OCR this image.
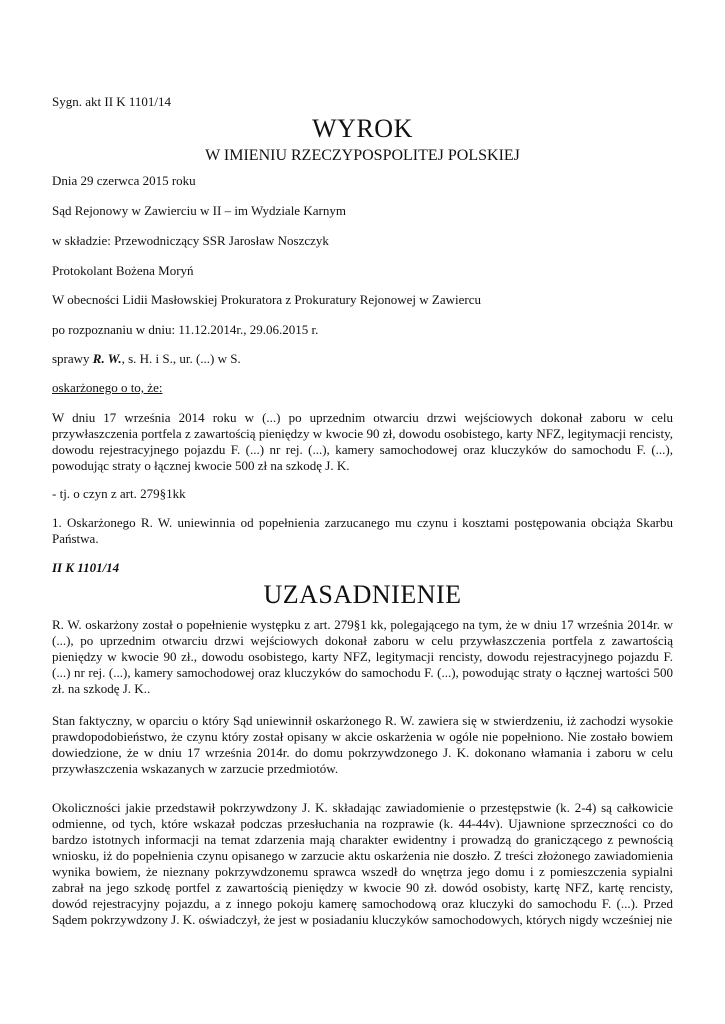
Sygn. akt II K 1101/14
WYROK
W IMIENIU RZECZYPOSPOLITEJ POLSKIEJ
Dnia 29 czerwca 2015 roku
Sąd Rejonowy w Zawierciu w II – im Wydziale Karnym
w składzie: Przewodniczący SSR Jarosław Noszczyk
Protokolant Bożena Moryń
W obecności Lidii Masłowskiej Prokuratora z Prokuratury Rejonowej w Zawiercu
po rozpoznaniu w dniu: 11.12.2014r., 29.06.2015 r.
sprawy R. W., s. H. i S., ur. (...) w S.
oskarżonego o to, że:
W dniu 17 września 2014 roku w (...) po uprzednim otwarciu drzwi wejściowych dokonał zaboru w celu przywłaszczenia portfela z zawartością pieniędzy w kwocie 90 zł, dowodu osobistego, karty NFZ, legitymacji rencisty, dowodu rejestracyjnego pojazdu F. (...) nr rej. (...), kamery samochodowej oraz kluczyków do samochodu F. (...), powodując straty o łącznej kwocie 500 zł na szkodę J. K.
- tj. o czyn z art. 279§1kk
1. Oskarżonego R. W. uniewinnia od popełnienia zarzucanego mu czynu i kosztami postępowania obciąża Skarbu Państwa.
II K 1101/14
UZASADNIENIE
R. W. oskarżony został o popełnienie występku z art. 279§1 kk, polegającego na tym, że w dniu 17 września 2014r. w (...), po uprzednim otwarciu drzwi wejściowych dokonał zaboru w celu przywłaszczenia portfela z zawartością pieniędzy w kwocie 90 zł., dowodu osobistego, karty NFZ, legitymacji rencisty, dowodu rejestracyjnego pojazdu F. (...) nr rej. (...), kamery samochodowej oraz kluczyków do samochodu F. (...), powodując straty o łącznej wartości 500 zł. na szkodę J. K..
Stan faktyczny, w oparciu o który Sąd uniewinnił oskarżonego R. W. zawiera się w stwierdzeniu, iż zachodzi wysokie prawdopodobieństwo, że czynu który został opisany w akcie oskarżenia w ogóle nie popełniono. Nie zostało bowiem dowiedzione, że w dniu 17 września 2014r. do domu pokrzywdzonego J. K. dokonano włamania i zaboru w celu przywłaszczenia wskazanych w zarzucie przedmiotów.
Okoliczności jakie przedstawił pokrzywdzony J. K. składając zawiadomienie o przestępstwie (k. 2-4) są całkowicie odmienne, od tych, które wskazał podczas przesłuchania na rozprawie (k. 44-44v). Ujawnione sprzeczności co do bardzo istotnych informacji na temat zdarzenia mają charakter ewidentny i prowadzą do graniczącego z pewnością wniosku, iż do popełnienia czynu opisanego w zarzucie aktu oskarżenia nie doszło. Z treści złożonego zawiadomienia wynika bowiem, że nieznany pokrzywdzonemu sprawca wszedł do wnętrza jego domu i z pomieszczenia sypialni zabrał na jego szkodę portfel z zawartością pieniędzy w kwocie 90 zł. dowód osobisty, kartę NFZ, kartę rencisty, dowód rejestracyjny pojazdu, a z innego pokoju kamerę samochodową oraz kluczyki do samochodu F. (...). Przed Sądem pokrzywdzony J. K. oświadczył, że jest w posiadaniu kluczyków samochodowych, których nigdy wcześniej nie
